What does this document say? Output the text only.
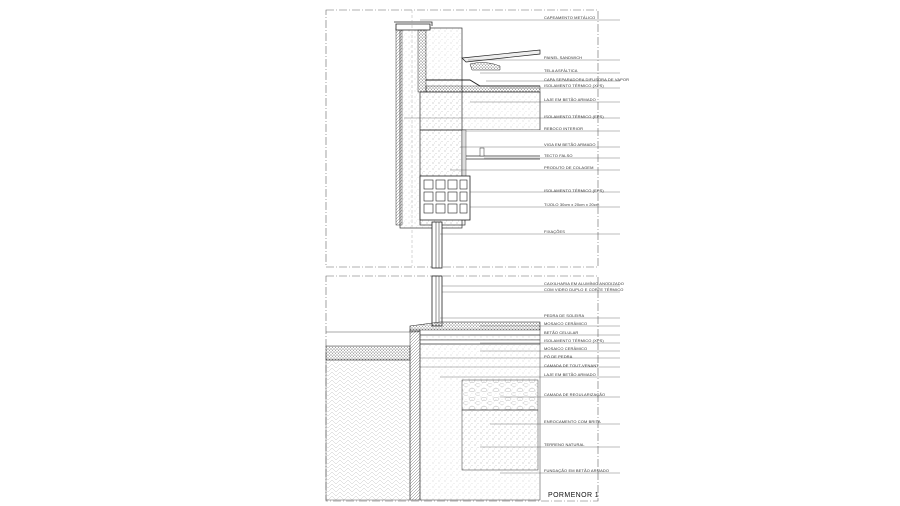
CAPEAMENTO METÁLICO
PAINEL SANDWICH
TELA ASFÁLTICA
CAPA SEPARADORA DIFUSORA DE VAPOR
ISOLAMENTO TÉRMICO (XPS)
LAJE EM BETÃO ARMADO
ISOLAMENTO TÉRMICO (EPS)
REBOCO INTERIOR
VIGA EM BETÃO ARMADO
TECTO FALSO
PRODUTO DE COLAGEM
ISOLAMENTO TÉRMICO (EPS)
TIJOLO 30cm x 20cm x 20cm
FIXAÇÕES
CAIXILHARIA EM ALUMÍNIO ANODIZADO
COM VIDRO DUPLO E CORTE TÉRMICO
PEDRA DE SOLEIRA
MOSAICO CERÂMICO
BETÃO CELULAR
ISOLAMENTO TÉRMICO (XPS)
MOSAICO CERÂMICO
PÓ DE PEDRA
CAMADA DE TOUT-VENANT
LAJE EM BETÃO ARMADO
CAMADA DE REGULARIZAÇÃO
ENROCAMENTO COM BRITA
TERRENO NATURAL
FUNDAÇÃO EM BETÃO ARMADO
PORMENOR 1
